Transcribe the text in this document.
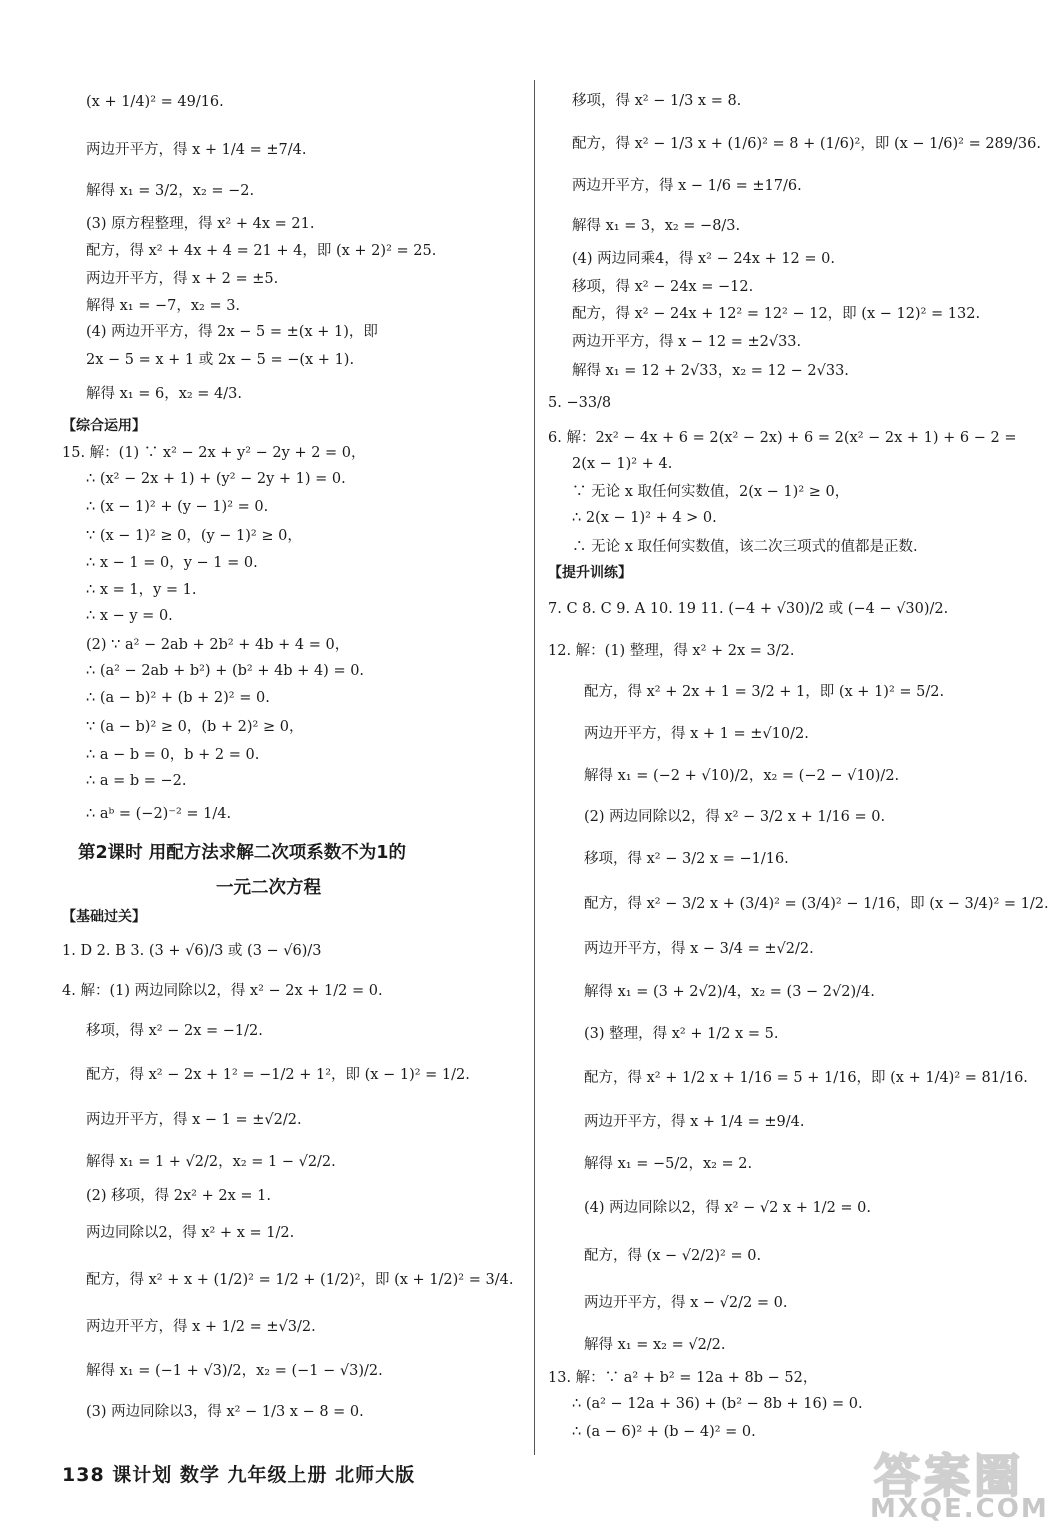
(x + 1/4)² = 49/16.
两边开平方，得 x + 1/4 = ±7/4.
解得 x₁ = 3/2，x₂ = −2.
(3) 原方程整理，得 x² + 4x = 21.
配方，得 x² + 4x + 4 = 21 + 4，即 (x + 2)² = 25.
两边开平方，得 x + 2 = ±5.
解得 x₁ = −7，x₂ = 3.
(4) 两边开平方，得 2x − 5 = ±(x + 1)，即
2x − 5 = x + 1 或 2x − 5 = −(x + 1).
解得 x₁ = 6，x₂ = 4/3.
【综合运用】
15. 解：(1) ∵ x² − 2x + y² − 2y + 2 = 0，
∴ (x² − 2x + 1) + (y² − 2y + 1) = 0.
∴ (x − 1)² + (y − 1)² = 0.
∵ (x − 1)² ≥ 0，(y − 1)² ≥ 0，
∴ x − 1 = 0，y − 1 = 0.
∴ x = 1，y = 1.
∴ x − y = 0.
(2) ∵ a² − 2ab + 2b² + 4b + 4 = 0，
∴ (a² − 2ab + b²) + (b² + 4b + 4) = 0.
∴ (a − b)² + (b + 2)² = 0.
∵ (a − b)² ≥ 0，(b + 2)² ≥ 0，
∴ a − b = 0，b + 2 = 0.
∴ a = b = −2.
∴ aᵇ = (−2)⁻² = 1/4.
第2课时 用配方法求解二次项系数不为1的
一元二次方程
【基础过关】
1. D 2. B 3. (3 + √6)/3 或 (3 − √6)/3
4. 解：(1) 两边同除以2，得 x² − 2x + 1/2 = 0.
移项，得 x² − 2x = −1/2.
配方，得 x² − 2x + 1² = −1/2 + 1²，即 (x − 1)² = 1/2.
两边开平方，得 x − 1 = ±√2/2.
解得 x₁ = 1 + √2/2，x₂ = 1 − √2/2.
(2) 移项，得 2x² + 2x = 1.
两边同除以2，得 x² + x = 1/2.
配方，得 x² + x + (1/2)² = 1/2 + (1/2)²，即 (x + 1/2)² = 3/4.
两边开平方，得 x + 1/2 = ±√3/2.
解得 x₁ = (−1 + √3)/2，x₂ = (−1 − √3)/2.
(3) 两边同除以3，得 x² − 1/3 x − 8 = 0.
移项，得 x² − 1/3 x = 8.
配方，得 x² − 1/3 x + (1/6)² = 8 + (1/6)²，即 (x − 1/6)² = 289/36.
两边开平方，得 x − 1/6 = ±17/6.
解得 x₁ = 3，x₂ = −8/3.
(4) 两边同乘4，得 x² − 24x + 12 = 0.
移项，得 x² − 24x = −12.
配方，得 x² − 24x + 12² = 12² − 12，即 (x − 12)² = 132.
两边开平方，得 x − 12 = ±2√33.
解得 x₁ = 12 + 2√33，x₂ = 12 − 2√33.
5. −33/8
6. 解：2x² − 4x + 6 = 2(x² − 2x) + 6 = 2(x² − 2x + 1) + 6 − 2 =
2(x − 1)² + 4.
∵ 无论 x 取任何实数值，2(x − 1)² ≥ 0，
∴ 2(x − 1)² + 4 > 0.
∴ 无论 x 取任何实数值，该二次三项式的值都是正数.
【提升训练】
7. C 8. C 9. A 10. 19 11. (−4 + √30)/2 或 (−4 − √30)/2.
12. 解：(1) 整理，得 x² + 2x = 3/2.
配方，得 x² + 2x + 1 = 3/2 + 1，即 (x + 1)² = 5/2.
两边开平方，得 x + 1 = ±√10/2.
解得 x₁ = (−2 + √10)/2，x₂ = (−2 − √10)/2.
(2) 两边同除以2，得 x² − 3/2 x + 1/16 = 0.
移项，得 x² − 3/2 x = −1/16.
配方，得 x² − 3/2 x + (3/4)² = (3/4)² − 1/16，即 (x − 3/4)² = 1/2.
两边开平方，得 x − 3/4 = ±√2/2.
解得 x₁ = (3 + 2√2)/4，x₂ = (3 − 2√2)/4.
(3) 整理，得 x² + 1/2 x = 5.
配方，得 x² + 1/2 x + 1/16 = 5 + 1/16，即 (x + 1/4)² = 81/16.
两边开平方，得 x + 1/4 = ±9/4.
解得 x₁ = −5/2，x₂ = 2.
(4) 两边同除以2，得 x² − √2 x + 1/2 = 0.
配方，得 (x − √2/2)² = 0.
两边开平方，得 x − √2/2 = 0.
解得 x₁ = x₂ = √2/2.
13. 解：∵ a² + b² = 12a + 8b − 52，
∴ (a² − 12a + 36) + (b² − 8b + 16) = 0.
∴ (a − 6)² + (b − 4)² = 0.
138 课计划 数学 九年级上册 北师大版	答案圈
MXQE.COM
